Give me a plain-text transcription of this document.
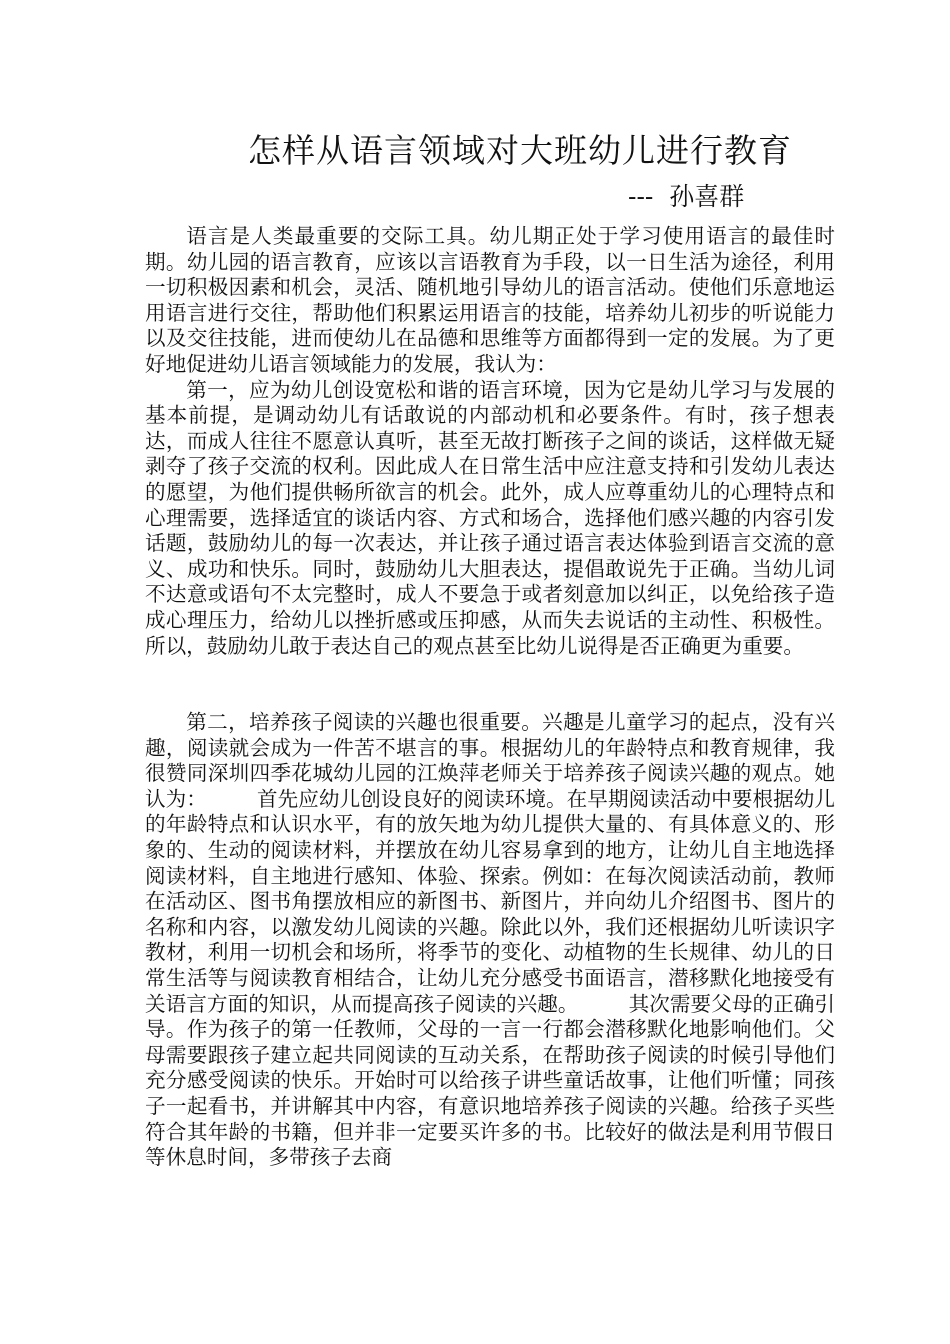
怎样从语言领域对大班幼儿进行教育
---  孙喜群

语言是人类最重要的交际工具。幼儿期正处于学习使用语言的最佳时期。幼儿园的语言教育，应该以言语教育为手段，以一日生活为途径，利用一切积极因素和机会，灵活、随机地引导幼儿的语言活动。使他们乐意地运用语言进行交往，帮助他们积累运用语言的技能，培养幼儿初步的听说能力以及交往技能，进而使幼儿在品德和思维等方面都得到一定的发展。为了更好地促进幼儿语言领域能力的发展，我认为：

第一，应为幼儿创设宽松和谐的语言环境，因为它是幼儿学习与发展的基本前提，是调动幼儿有话敢说的内部动机和必要条件。有时，孩子想表达，而成人往往不愿意认真听，甚至无故打断孩子之间的谈话，这样做无疑剥夺了孩子交流的权利。因此成人在日常生活中应注意支持和引发幼儿表达的愿望，为他们提供畅所欲言的机会。此外，成人应尊重幼儿的心理特点和心理需要，选择适宜的谈话内容、方式和场合，选择他们感兴趣的内容引发话题，鼓励幼儿的每一次表达，并让孩子通过语言表达体验到语言交流的意义、成功和快乐。同时，鼓励幼儿大胆表达，提倡敢说先于正确。当幼儿词不达意或语句不太完整时，成人不要急于或者刻意加以纠正，以免给孩子造成心理压力，给幼儿以挫折感或压抑感，从而失去说话的主动性、积极性。所以，鼓励幼儿敢于表达自己的观点甚至比幼儿说得是否正确更为重要。

第二，培养孩子阅读的兴趣也很重要。兴趣是儿童学习的起点，没有兴趣，阅读就会成为一件苦不堪言的事。根据幼儿的年龄特点和教育规律，我很赞同深圳四季花城幼儿园的江焕萍老师关于培养孩子阅读兴趣的观点。她认为： 首先应幼儿创设良好的阅读环境。在早期阅读活动中要根据幼儿的年龄特点和认识水平，有的放矢地为幼儿提供大量的、有具体意义的、形象的、生动的阅读材料，并摆放在幼儿容易拿到的地方，让幼儿自主地选择阅读材料，自主地进行感知、体验、探索。例如：在每次阅读活动前，教师在活动区、图书角摆放相应的新图书、新图片，并向幼儿介绍图书、图片的名称和内容，以激发幼儿阅读的兴趣。除此以外，我们还根据幼儿听读识字教材，利用一切机会和场所，将季节的变化、动植物的生长规律、幼儿的日常生活等与阅读教育相结合，让幼儿充分感受书面语言，潜移默化地接受有关语言方面的知识，从而提高孩子阅读的兴趣。 其次需要父母的正确引导。作为孩子的第一任教师，父母的一言一行都会潜移默化地影响他们。父母需要跟孩子建立起共同阅读的互动关系，在帮助孩子阅读的时候引导他们充分感受阅读的快乐。开始时可以给孩子讲些童话故事，让他们听懂；同孩子一起看书，并讲解其中内容，有意识地培养孩子阅读的兴趣。给孩子买些符合其年龄的书籍，但并非一定要买许多的书。比较好的做法是利用节假日等休息时间，多带孩子去商
